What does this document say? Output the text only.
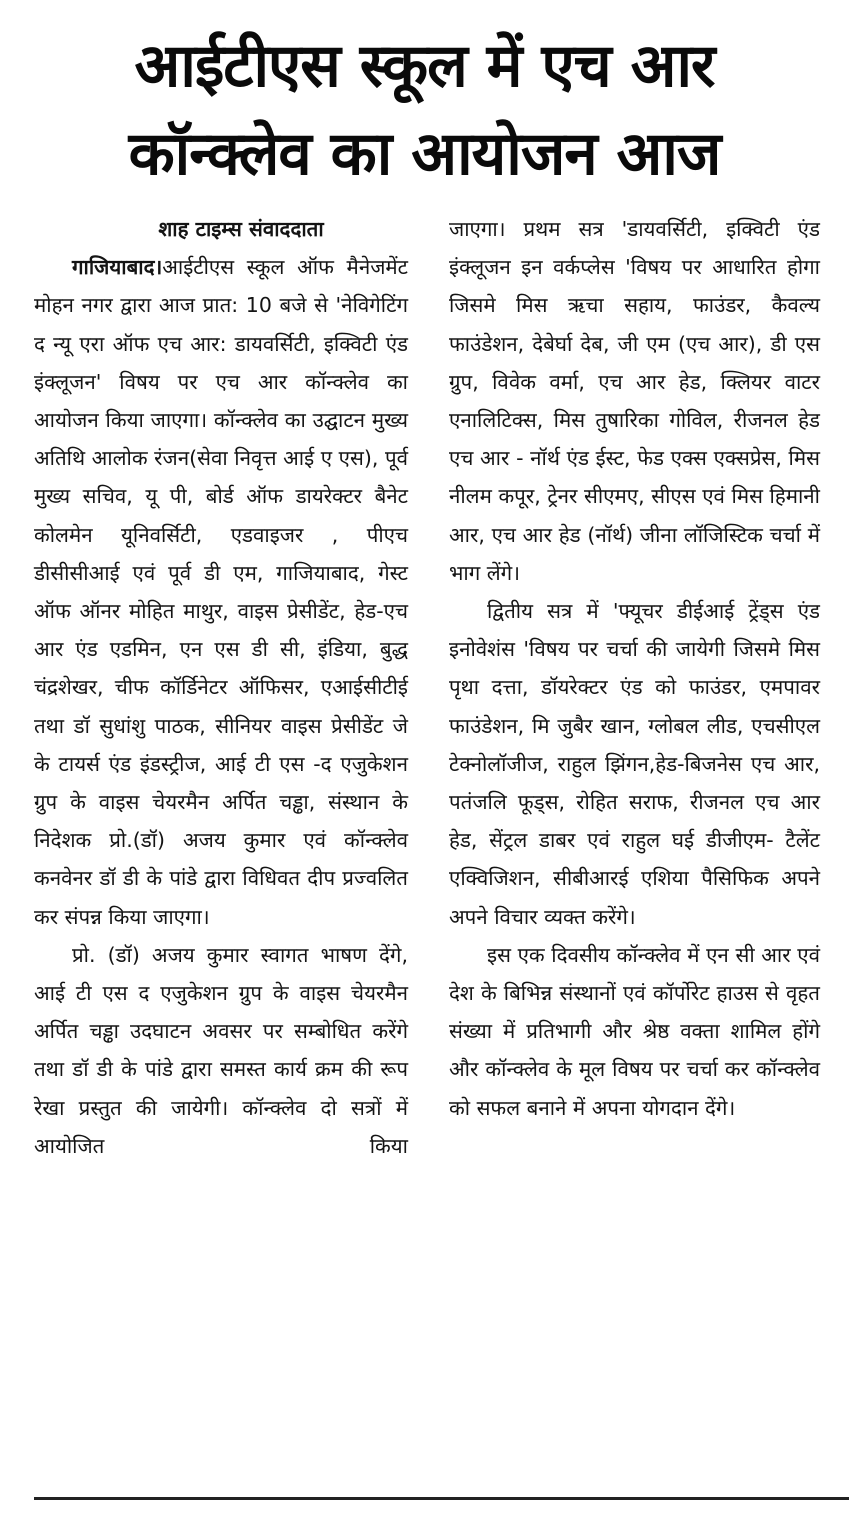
आईटीएस स्कूल में एच आर
कॉन्क्लेव का आयोजन आज
शाह टाइम्स संवाददाता

गाजियाबाद।आईटीएस स्कूल ऑफ मैनेजमेंट मोहन नगर द्वारा आज प्रात: 10 बजे से 'नेविगेटिंग द न्यू एरा ऑफ एच आर: डायवर्सिटी, इक्विटी एंड इंक्लूजन' विषय पर एच आर कॉन्क्लेव का आयोजन किया जाएगा। कॉन्क्लेव का उद्घाटन मुख्य अतिथि आलोक रंजन(सेवा निवृत्त आई ए एस), पूर्व मुख्य सचिव, यू पी, बोर्ड ऑफ डायरेक्टर बैनेट कोलमेन यूनिवर्सिटी, एडवाइजर , पीएच डीसीसीआई एवं पूर्व डी एम, गाजियाबाद, गेस्ट ऑफ ऑनर मोहित माथुर, वाइस प्रेसीडेंट, हेड-एच आर एंड एडमिन, एन एस डी सी, इंडिया, बुद्ध चंद्रशेखर, चीफ कॉर्डिनेटर ऑफिसर, एआईसीटीई तथा डॉ सुधांशु पाठक, सीनियर वाइस प्रेसीडेंट जे के टायर्स एंड इंडस्ट्रीज, आई टी एस -द एजुकेशन ग्रुप के वाइस चेयरमैन अर्पित चड्ढा, संस्थान के निदेशक प्रो.(डॉ) अजय कुमार एवं कॉन्क्लेव कनवेनर डॉ डी के पांडे द्वारा विधिवत दीप प्रज्वलित कर संपन्न किया जाएगा।

प्रो. (डॉ) अजय कुमार स्वागत भाषण देंगे, आई टी एस द एजुकेशन ग्रुप के वाइस चेयरमैन अर्पित चड्ढा उदघाटन अवसर पर सम्बोधित करेंगे तथा डॉ डी के पांडे द्वारा समस्त कार्य क्रम की रूप रेखा प्रस्तुत की जायेगी। कॉन्क्लेव दो सत्रों में आयोजित किया

जाएगा। प्रथम सत्र 'डायवर्सिटी, इक्विटी एंड इंक्लूजन इन वर्कप्लेस 'विषय पर आधारित होगा जिसमे मिस ऋचा सहाय, फाउंडर, कैवल्य फाउंडेशन, देबेर्घा देब, जी एम (एच आर), डी एस ग्रुप, विवेक वर्मा, एच आर हेड, क्लियर वाटर एनालिटिक्स, मिस तुषारिका गोविल, रीजनल हेड एच आर - नॉर्थ एंड ईस्ट, फेड एक्स एक्सप्रेस, मिस नीलम कपूर, ट्रेनर सीएमए, सीएस एवं मिस हिमानी आर, एच आर हेड (नॉर्थ) जीना लॉजिस्टिक चर्चा में भाग लेंगे।

द्वितीय सत्र में 'फ्यूचर डीईआई ट्रेंड्स एंड इनोवेशंस 'विषय पर चर्चा की जायेगी जिसमे मिस पृथा दत्ता, डॉयरेक्टर एंड को फाउंडर, एमपावर फाउंडेशन, मि जुबैर खान, ग्लोबल लीड, एचसीएल टेक्नोलॉजीज, राहुल झिंगन,हेड-बिजनेस एच आर, पतंजलि फूड्स, रोहित सराफ, रीजनल एच आर हेड, सेंट्रल डाबर एवं राहुल घई डीजीएम- टैलेंट एक्विजिशन, सीबीआरई एशिया पैसिफिक अपने अपने विचार व्यक्त करेंगे।

इस एक दिवसीय कॉन्क्लेव में एन सी आर एवं देश के बिभिन्न संस्थानों एवं कॉर्पोरेट हाउस से वृहत संख्या में प्रतिभागी और श्रेष्ठ वक्ता शामिल होंगे और कॉन्क्लेव के मूल विषय पर चर्चा कर कॉन्क्लेव को सफल बनाने में अपना योगदान देंगे।
